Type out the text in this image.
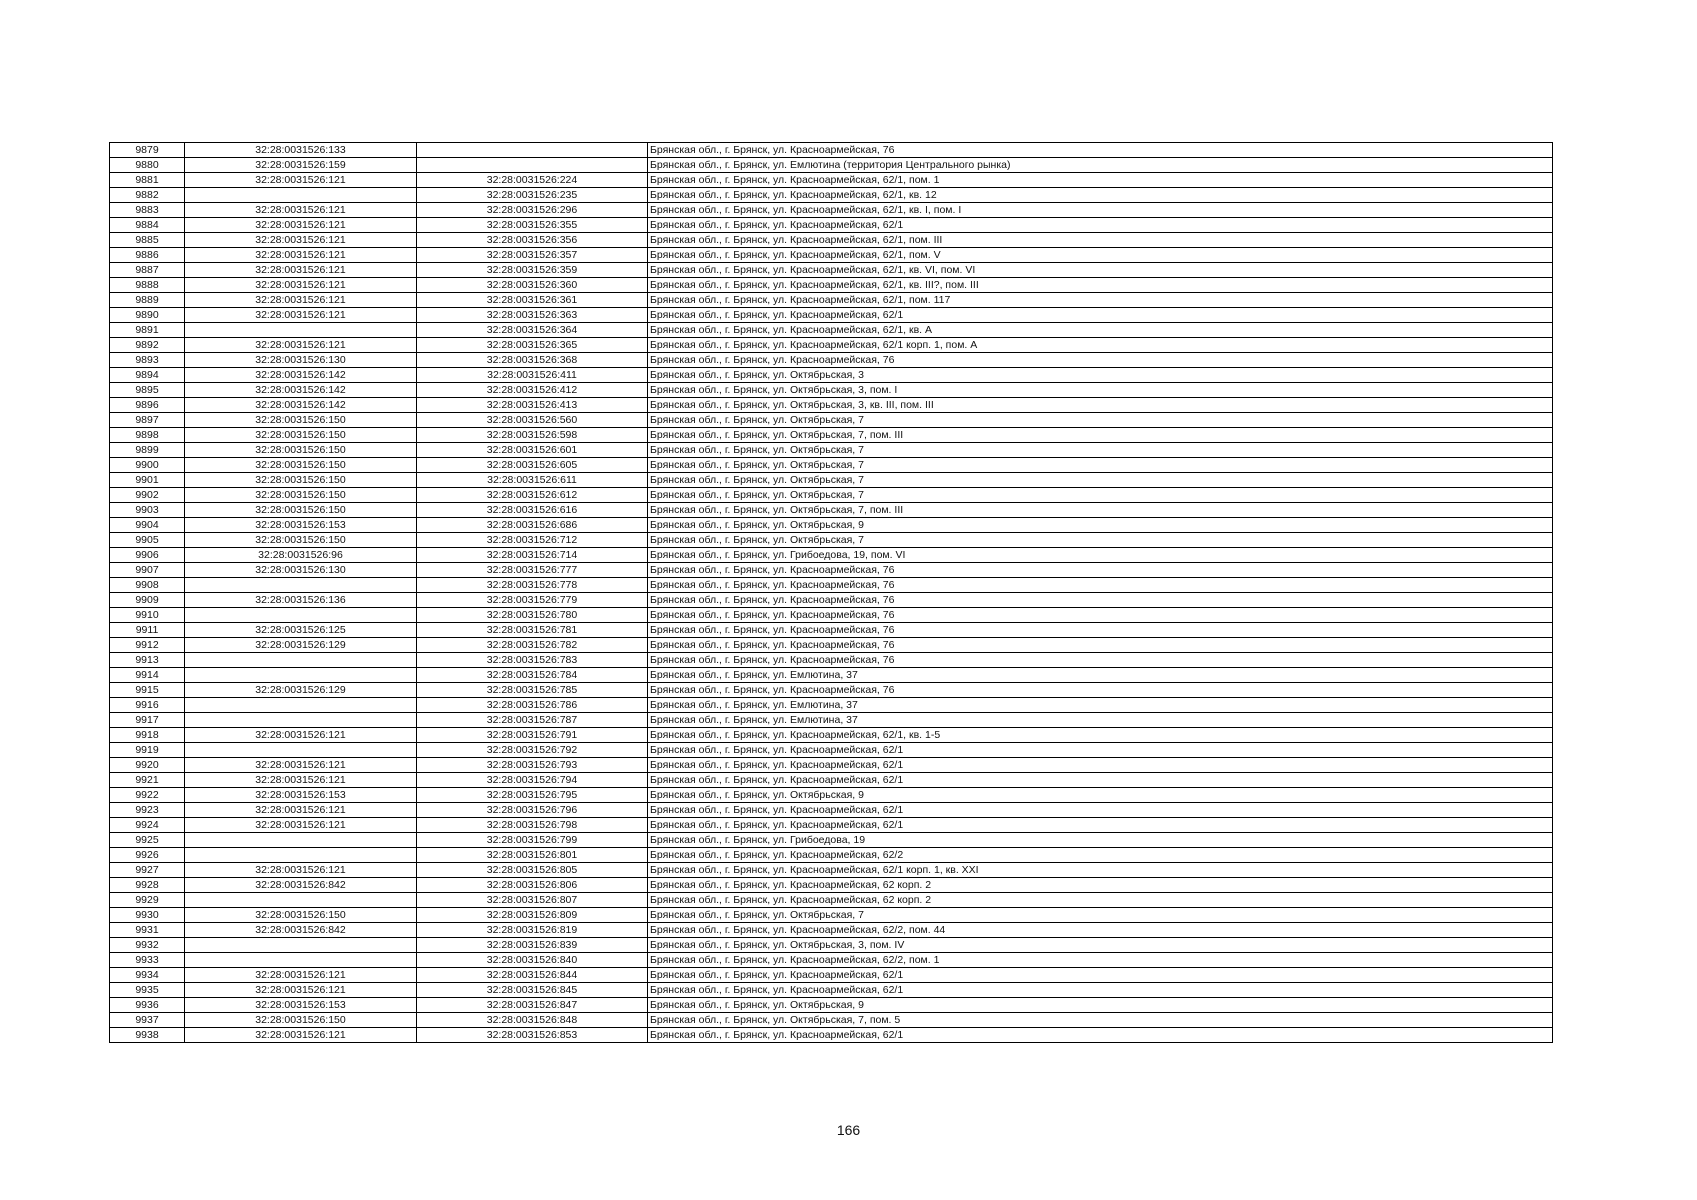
9879	32:28:0031526:133		Брянская обл., г. Брянск, ул. Красноармейская, 76
9880	32:28:0031526:159		Брянская обл., г. Брянск, ул. Емлютина (территория Центрального рынка)
9881	32:28:0031526:121	32:28:0031526:224	Брянская обл., г. Брянск, ул. Красноармейская, 62/1, пом. 1
9882		32:28:0031526:235	Брянская обл., г. Брянск, ул. Красноармейская, 62/1, кв. 12
9883	32:28:0031526:121	32:28:0031526:296	Брянская обл., г. Брянск, ул. Красноармейская, 62/1, кв. I, пом. I
9884	32:28:0031526:121	32:28:0031526:355	Брянская обл., г. Брянск, ул. Красноармейская, 62/1
9885	32:28:0031526:121	32:28:0031526:356	Брянская обл., г. Брянск, ул. Красноармейская, 62/1, пом. III
9886	32:28:0031526:121	32:28:0031526:357	Брянская обл., г. Брянск, ул. Красноармейская, 62/1, пом. V
9887	32:28:0031526:121	32:28:0031526:359	Брянская обл., г. Брянск, ул. Красноармейская, 62/1, кв. VI, пом. VI
9888	32:28:0031526:121	32:28:0031526:360	Брянская обл., г. Брянск, ул. Красноармейская, 62/1, кв. III?, пом. III
9889	32:28:0031526:121	32:28:0031526:361	Брянская обл., г. Брянск, ул. Красноармейская, 62/1, пом. 117
9890	32:28:0031526:121	32:28:0031526:363	Брянская обл., г. Брянск, ул. Красноармейская, 62/1
9891		32:28:0031526:364	Брянская обл., г. Брянск, ул. Красноармейская, 62/1, кв. А
9892	32:28:0031526:121	32:28:0031526:365	Брянская обл., г. Брянск, ул. Красноармейская, 62/1 корп. 1, пом. А
9893	32:28:0031526:130	32:28:0031526:368	Брянская обл., г. Брянск, ул. Красноармейская, 76
9894	32:28:0031526:142	32:28:0031526:411	Брянская обл., г. Брянск, ул. Октябрьская, 3
9895	32:28:0031526:142	32:28:0031526:412	Брянская обл., г. Брянск, ул. Октябрьская, 3, пом. I
9896	32:28:0031526:142	32:28:0031526:413	Брянская обл., г. Брянск, ул. Октябрьская, 3, кв. III, пом. III
9897	32:28:0031526:150	32:28:0031526:560	Брянская обл., г. Брянск, ул. Октябрьская, 7
9898	32:28:0031526:150	32:28:0031526:598	Брянская обл., г. Брянск, ул. Октябрьская, 7, пом. III
9899	32:28:0031526:150	32:28:0031526:601	Брянская обл., г. Брянск, ул. Октябрьская, 7
9900	32:28:0031526:150	32:28:0031526:605	Брянская обл., г. Брянск, ул. Октябрьская, 7
9901	32:28:0031526:150	32:28:0031526:611	Брянская обл., г. Брянск, ул. Октябрьская, 7
9902	32:28:0031526:150	32:28:0031526:612	Брянская обл., г. Брянск, ул. Октябрьская, 7
9903	32:28:0031526:150	32:28:0031526:616	Брянская обл., г. Брянск, ул. Октябрьская, 7, пом. III
9904	32:28:0031526:153	32:28:0031526:686	Брянская обл., г. Брянск, ул. Октябрьская, 9
9905	32:28:0031526:150	32:28:0031526:712	Брянская обл., г. Брянск, ул. Октябрьская, 7
9906	32:28:0031526:96	32:28:0031526:714	Брянская обл., г. Брянск, ул. Грибоедова, 19, пом. VI
9907	32:28:0031526:130	32:28:0031526:777	Брянская обл., г. Брянск, ул. Красноармейская, 76
9908		32:28:0031526:778	Брянская обл., г. Брянск, ул. Красноармейская, 76
9909	32:28:0031526:136	32:28:0031526:779	Брянская обл., г. Брянск, ул. Красноармейская, 76
9910		32:28:0031526:780	Брянская обл., г. Брянск, ул. Красноармейская, 76
9911	32:28:0031526:125	32:28:0031526:781	Брянская обл., г. Брянск, ул. Красноармейская, 76
9912	32:28:0031526:129	32:28:0031526:782	Брянская обл., г. Брянск, ул. Красноармейская, 76
9913		32:28:0031526:783	Брянская обл., г. Брянск, ул. Красноармейская, 76
9914		32:28:0031526:784	Брянская обл., г. Брянск, ул. Емлютина, 37
9915	32:28:0031526:129	32:28:0031526:785	Брянская обл., г. Брянск, ул. Красноармейская, 76
9916		32:28:0031526:786	Брянская обл., г. Брянск, ул. Емлютина, 37
9917		32:28:0031526:787	Брянская обл., г. Брянск, ул. Емлютина, 37
9918	32:28:0031526:121	32:28:0031526:791	Брянская обл., г. Брянск, ул. Красноармейская, 62/1, кв. 1-5
9919		32:28:0031526:792	Брянская обл., г. Брянск, ул. Красноармейская, 62/1
9920	32:28:0031526:121	32:28:0031526:793	Брянская обл., г. Брянск, ул. Красноармейская, 62/1
9921	32:28:0031526:121	32:28:0031526:794	Брянская обл., г. Брянск, ул. Красноармейская, 62/1
9922	32:28:0031526:153	32:28:0031526:795	Брянская обл., г. Брянск, ул. Октябрьская, 9
9923	32:28:0031526:121	32:28:0031526:796	Брянская обл., г. Брянск, ул. Красноармейская, 62/1
9924	32:28:0031526:121	32:28:0031526:798	Брянская обл., г. Брянск, ул. Красноармейская, 62/1
9925		32:28:0031526:799	Брянская обл., г. Брянск, ул. Грибоедова, 19
9926		32:28:0031526:801	Брянская обл., г. Брянск, ул. Красноармейская, 62/2
9927	32:28:0031526:121	32:28:0031526:805	Брянская обл., г. Брянск, ул. Красноармейская, 62/1 корп. 1, кв. XXI
9928	32:28:0031526:842	32:28:0031526:806	Брянская обл., г. Брянск, ул. Красноармейская, 62 корп. 2
9929		32:28:0031526:807	Брянская обл., г. Брянск, ул. Красноармейская, 62 корп. 2
9930	32:28:0031526:150	32:28:0031526:809	Брянская обл., г. Брянск, ул. Октябрьская, 7
9931	32:28:0031526:842	32:28:0031526:819	Брянская обл., г. Брянск, ул. Красноармейская, 62/2, пом. 44
9932		32:28:0031526:839	Брянская обл., г. Брянск, ул. Октябрьская, 3, пом. IV
9933		32:28:0031526:840	Брянская обл., г. Брянск, ул. Красноармейская, 62/2, пом. 1
9934	32:28:0031526:121	32:28:0031526:844	Брянская обл., г. Брянск, ул. Красноармейская, 62/1
9935	32:28:0031526:121	32:28:0031526:845	Брянская обл., г. Брянск, ул. Красноармейская, 62/1
9936	32:28:0031526:153	32:28:0031526:847	Брянская обл., г. Брянск, ул. Октябрьская, 9
9937	32:28:0031526:150	32:28:0031526:848	Брянская обл., г. Брянск, ул. Октябрьская, 7, пом. 5
9938	32:28:0031526:121	32:28:0031526:853	Брянская обл., г. Брянск, ул. Красноармейская, 62/1
166
